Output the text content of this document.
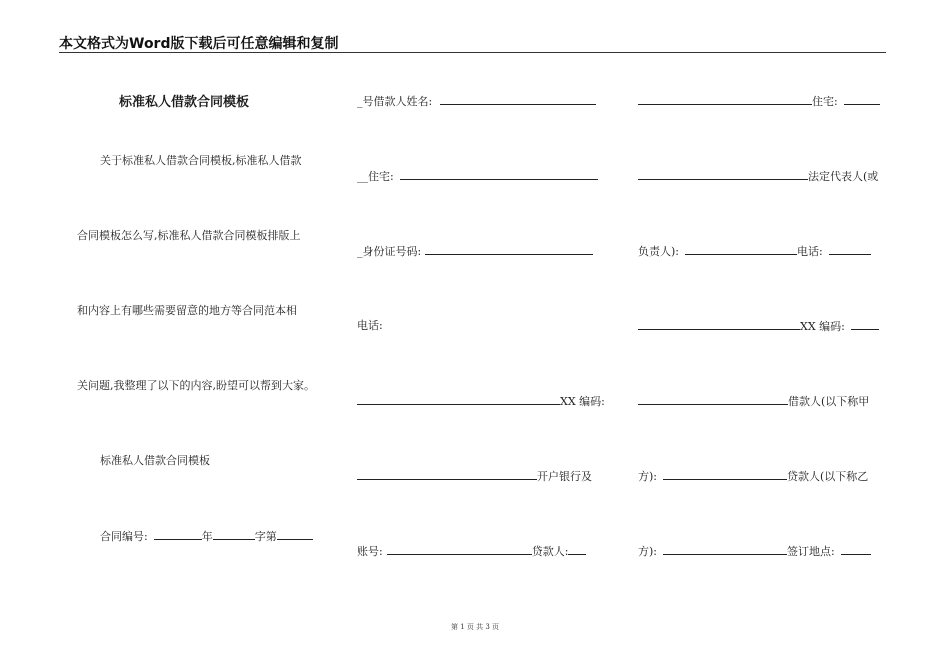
本文格式为Word版下载后可任意编辑和复制
标准私人借款合同模板
关于标准私人借款合同模板,标准私人借款
合同模板怎么写,标准私人借款合同模板排版上
和内容上有哪些需要留意的地方等合同范本相
关问题,我整理了以下的内容,盼望可以帮到大家。
标准私人借款合同模板
合同编号:	年	字第
_号借款人姓名:
__住宅:
_身份证号码:
电话:
XX 编码:
开户银行及
账号:	贷款人:
住宅:
法定代表人(或
负责人):	电话:
XX 编码:
借款人(以下称甲
方):	贷款人(以下称乙
方):	签订地点:
第 1 页 共 3 页
